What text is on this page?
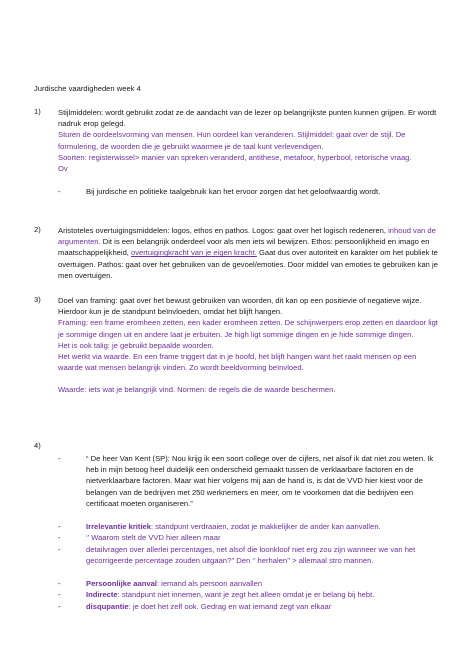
Jurdische vaardigheden week 4
1) Stijlmiddelen: wordt gebruikt zodat ze de aandacht van de lezer op belangrijkste punten kunnen grijpen. Er wordt nadruk erop gelegd.

Sturen de oordeelsvorming van mensen. Hun oordeel kan veranderen. Stijlmiddel: gaat over de stijl. De formulering, de woorden die je gebruikt waarmee je de taal kunt verlevendigen.

Soorten: registerwissel> manier van spreken veranderd, antithese, metafoor, hyperbool, retorische vraag.

Ov

-	Bij jurdische en politieke taalgebruik kan het ervoor zorgen dat het geloofwaardig wordt.
2) Aristoteles overtuigingsmiddelen: logos, ethos en pathos. Logos: gaat over het logisch redeneren, inhoud van de argumenten. Dit is een belangrijk onderdeel voor als men iets wil bewijzen. Ethos: persoonlijkheid en imago en maatschappelijkheid, overtuigingkracht van je eigen kracht. Gaat dus over autoriteit en karakter om het publiek te overtuigen. Pathos: gaat over het gebruiken van de gevoel/emoties. Door middel van emoties te gebruiken kan je men overtuigen.

3) Doel van framing: gaat over het bewust gebruiken van woorden, dit kan op een positievie of negatieve wijze. Hierdoor kun je de standpunt beïnvloeden, omdat het blijft hangen.

Framing: een frame eromheen zetten, een kader eromheen zetten. De schijnwerpers erop zetten en daardoor ligt je sommige dingen uit en andere laat je erbuiten. Je high ligt sommige dingen en je hide sommige dingen.

Het is ook talig: je gebruikt bepaalde woorden.

Het werkt via waarde. En een frame triggert dat in je hoofd, het blijft hangen want het raakt mensen op een waarde wat mensen belangrijk vinden. Zo wordt beeldvorming beïnvloed.

Waarde: iets wat je belangrijk vind. Normen: de regels die de waarde beschermen.

4)
-	“ De heer Van Kent (SP): Nou krijg ik een soort college over de cijfers, net alsof ik dat niet zou weten. Ik heb in mijn betoog heel duidelijk een onderscheid gemaakt tussen de verklaarbare factoren en de nietverklaarbare factoren. Maar wat hier volgens mij aan de hand is, is dat de VVD hier kiest voor de belangen van de bedrijven met 250 werknemers en meer, om te voorkomen dat die bedrijven een certificaat moeten organiseren.”
-	Irrelevantie kritiek: standpunt verdraaien, zodat je makkelijker de ander kan aanvallen.
-	‘’ Waarom stelt de VVD hier alleen maar
-	detailvragen over allerlei percentages, net alsof die loonkloof niet erg zou zijn wanneer we van het gecorrigeerde percentage zouden uitgaan?’’ Den ‘’ herhalen’’ > allemaal stro mannen.
-	Persoonlijke aanval: iemand als persoon aanvallen
-	Indirecte: standpunt niet innemen, want je zegt het alleen omdat je er belang bij hebt.
-	disqupantie: je doet het zelf ook. Gedrag en wat iemand zegt van elkaar
